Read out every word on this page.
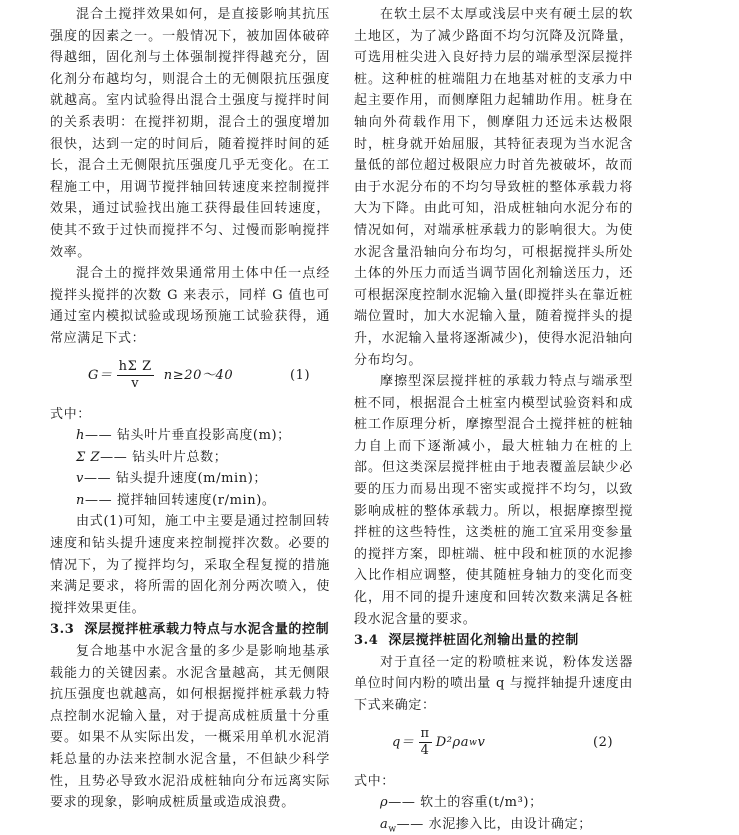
混合土搅拌效果如何，是直接影响其抗压强度的因素之一。一般情况下，被加固体破碎得越细，固化剂与土体强制搅拌得越充分，固化剂分布越均匀，则混合土的无侧限抗压强度就越高。室内试验得出混合土强度与搅拌时间的关系表明：在搅拌初期，混合土的强度增加很快，达到一定的时间后，随着搅拌时间的延长，混合土无侧限抗压强度几乎无变化。在工程施工中，用调节搅拌轴回转速度来控制搅拌效果，通过试验找出施工获得最佳回转速度，使其不致于过快而搅拌不匀、过慢而影响搅拌效率。

混合土的搅拌效果通常用土体中任一点经搅拌头搅拌的次数 G 来表示，同样 G 值也可通过室内模拟试验或现场预施工试验获得，通常应满足下式：

$G= \frac{\text{hΣ Z}}{v}$ n≥20～40	(1)

式中：

h—— 钻头叶片垂直投影高度(m)；
Σ Z—— 钻头叶片总数；
v—— 钻头提升速度(m/min)；
n—— 搅拌轴回转速度(r/min)。

由式(1)可知，施工中主要是通过控制回转速度和钻头提升速度来控制搅拌次数。必要的情况下，为了搅拌均匀，采取全程复搅的措施来满足要求，将所需的固化剂分两次喷入，使搅拌效果更佳。

3.3 深层搅拌桩承载力特点与水泥含量的控制

复合地基中水泥含量的多少是影响地基承载能力的关键因素。水泥含量越高，其无侧限抗压强度也就越高，如何根据搅拌桩承载力特点控制水泥输入量，对于提高成桩质量十分重要。如果不从实际出发，一概采用单机水泥消耗总量的办法来控制水泥含量，不但缺少科学性，且势必导致水泥沿成桩轴向分布远离实际要求的现象，影响成桩质量或造成浪费。

在软土层不太厚或浅层中夹有硬土层的软土地区，为了减少路面不均匀沉降及沉降量，可选用桩尖进入良好持力层的端承型深层搅拌桩。这种桩的桩端阻力在地基对桩的支承力中起主要作用，而侧摩阻力起辅助作用。桩身在轴向外荷载作用下，侧摩阻力还远未达极限时，桩身就开始屈服，其特征表现为当水泥含量低的部位超过极限应力时首先被破坏，故而由于水泥分布的不均匀导致桩的整体承载力将大为下降。由此可知，沿成桩轴向水泥分布的情况如何，对端承桩承载力的影响很大。为使水泥含量沿轴向分布均匀，可根据搅拌头所处土体的外压力而适当调节固化剂输送压力，还可根据深度控制水泥输入量(即搅拌头在靠近桩端位置时，加大水泥输入量，随着搅拌头的提升，水泥输入量将逐渐减少)，使得水泥沿轴向分布均匀。

摩擦型深层搅拌桩的承载力特点与端承型桩不同，根据混合土桩室内模型试验资料和成桩工作原理分析，摩擦型混合土搅拌桩的桩轴力自上而下逐渐减小，最大桩轴力在桩的上部。但这类深层搅拌桩由于地表覆盖层缺少必要的压力而易出现不密实或搅拌不均匀，以致影响成桩的整体承载力。所以，根据摩擦型搅拌桩的这些特性，这类桩的施工宜采用变参量的搅拌方案，即桩端、桩中段和桩顶的水泥掺入比作相应调整，使其随桩身轴力的变化而变化，用不同的提升速度和回转次数来满足各桩段水泥含量的要求。

3.4 深层搅拌桩固化剂输出量的控制

对于直径一定的粉喷桩来说，粉体发送器单位时间内粉的喷出量 q 与搅拌轴提升速度由下式来确定：

$q= \frac{\pi}{4} D^2\rho a$ w v	(2)

式中：

ρ—— 软土的容重(t/m³)；
$a_w——$ 水泥掺入比，由设计确定；
